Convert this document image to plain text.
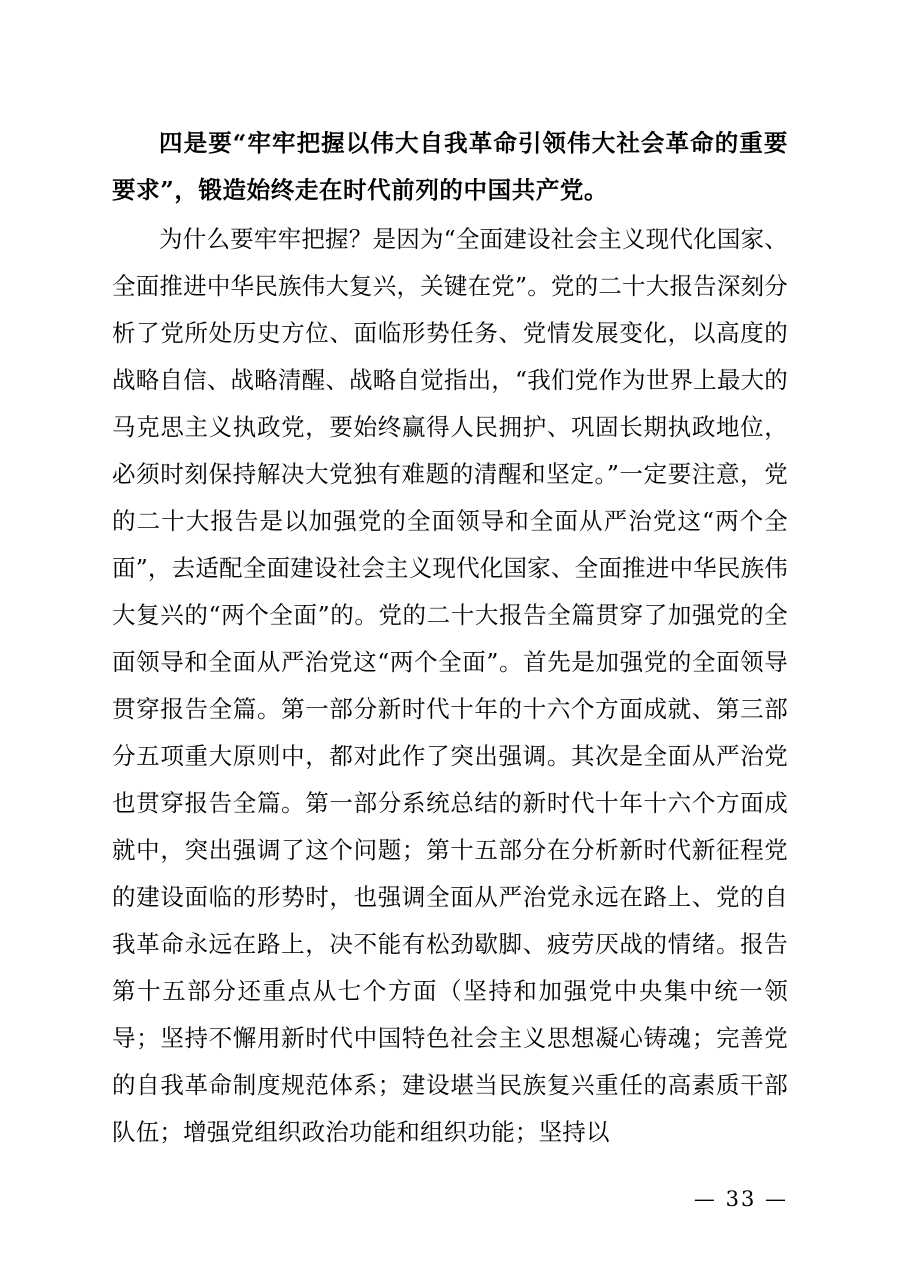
四是要“牢牢把握以伟大自我革命引领伟大社会革命的重要要求”，锻造始终走在时代前列的中国共产党。

为什么要牢牢把握？是因为“全面建设社会主义现代化国家、全面推进中华民族伟大复兴，关键在党”。党的二十大报告深刻分析了党所处历史方位、面临形势任务、党情发展变化，以高度的战略自信、战略清醒、战略自觉指出，“我们党作为世界上最大的马克思主义执政党，要始终赢得人民拥护、巩固长期执政地位，必须时刻保持解决大党独有难题的清醒和坚定。”一定要注意，党的二十大报告是以加强党的全面领导和全面从严治党这“两个全面”，去适配全面建设社会主义现代化国家、全面推进中华民族伟大复兴的“两个全面”的。党的二十大报告全篇贯穿了加强党的全面领导和全面从严治党这“两个全面”。首先是加强党的全面领导贯穿报告全篇。第一部分新时代十年的十六个方面成就、第三部分五项重大原则中，都对此作了突出强调。其次是全面从严治党也贯穿报告全篇。第一部分系统总结的新时代十年十六个方面成就中，突出强调了这个问题；第十五部分在分析新时代新征程党的建设面临的形势时，也强调全面从严治党永远在路上、党的自我革命永远在路上，决不能有松劲歇脚、疲劳厌战的情绪。报告第十五部分还重点从七个方面（坚持和加强党中央集中统一领导；坚持不懈用新时代中国特色社会主义思想凝心铸魂；完善党的自我革命制度规范体系；建设堪当民族复兴重任的高素质干部队伍；增强党组织政治功能和组织功能；坚持以

— 33 —
